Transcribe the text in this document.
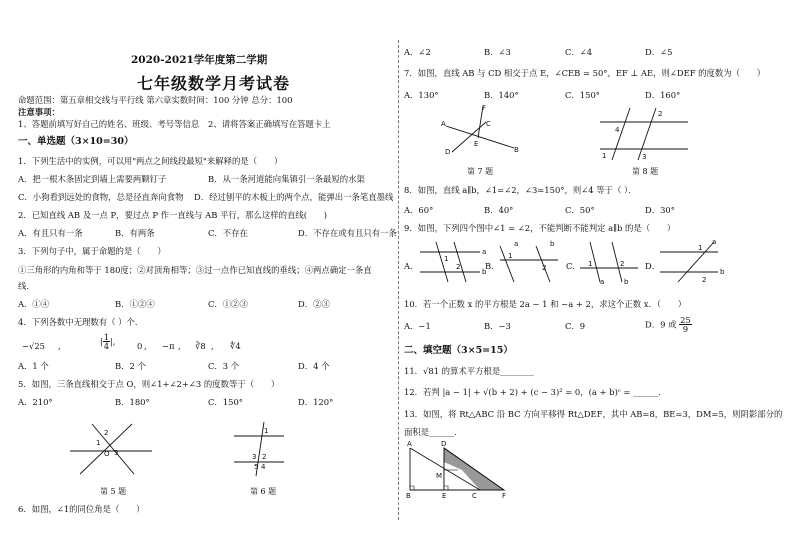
2020-2021学年度第二学期
七年级数学月考试卷
命题范围：第五章相交线与平行线 第六章实数时间：100 分钟 总分：100
注意事项：
1、答题前填写好自己的姓名、班级、考号等信息 2、请将答案正确填写在答题卡上
一、单选题（3×10=30）
1．下列生活中的实例，可以用"两点之间线段最短"来解释的是（　　）
A．把一根木条固定到墙上需要两颗钉子	B．从一条河道能向集镇引一条最短的水渠
C．小狗看到远处的食物，总是径直奔向食物 D．经过刨平的木板上的两个点，能弹出一条笔直墨线
2．已知直线 AB 及一点 P，要过点 P 作一直线与 AB 平行，那么这样的直线(　　)
A．有且只有一条	B．有两条	C．不存在	D．不存在或有且只有一条
3．下列句子中，属于命题的是（　　）
①三角形的内角和等于 180度；②对顶角相等；③过一点作已知直线的垂线；④两点确定一条直
线．
A．①④	B．①②④	C．①②③	D．②③
4．下列各数中无理数有（ ）个．
−√25 ,	| $\frac{1}{4}$ |,	0 , −π , ∛8 , ∜4
A．1 个	B．2 个	C．3 个	D．4 个
5．如图，三条直线相交于点 O，则∠1+∠2+∠3 的度数等于（　　）
A．210°	B．180°	C．150°	D．120°
2
1
3
O
第 5 题
1
3 2
5 4
第 6 题
6．如图，∠1的同位角是（　　）
A．∠2	B．∠3	C．∠4	D．∠5
7．如图，直线 AB 与 CD 相交于点 E，∠CEB = 50°，EF ⊥ AE，则∠DEF 的度数为（　　）
A．130°	B．140°	C．150°	D．160°
F
A	C
E
D	B
第 7 题
2
4
1	3
第 8 题
8．如图，直线 a∥b，∠1=∠2，∠3=150°，则∠4 等于（ ）．
A．60°	B．40°	C．50°	D．30°
9．如图，下列四个图中∠1 = ∠2，不能判断不能判定 a∥b 的是（　　）
A．
a
b
1
2	B．
a	b
1
2 C．
a	b
1	2 D．
a
b
1
2
10．若一个正数 x 的平方根是 2a − 1 和 −a + 2，求这个正数 x．（　　）
A．−1	B．−3	C．9	D．9 或 $\frac{25}{9}$
二、填空题（3×5=15）
11．√81 的算术平方根是________
12．若判 |a − 1| + √(b + 2) + (c − 3)² = 0，(a + b)ᶜ = ______．
13．如图，将 Rt△ABC 沿 BC 方向平移得 Rt△DEF，其中 AB=8，BE=3，DM=5，则阴影部分的
面积是______.
A	D
M
B	E	C	F
